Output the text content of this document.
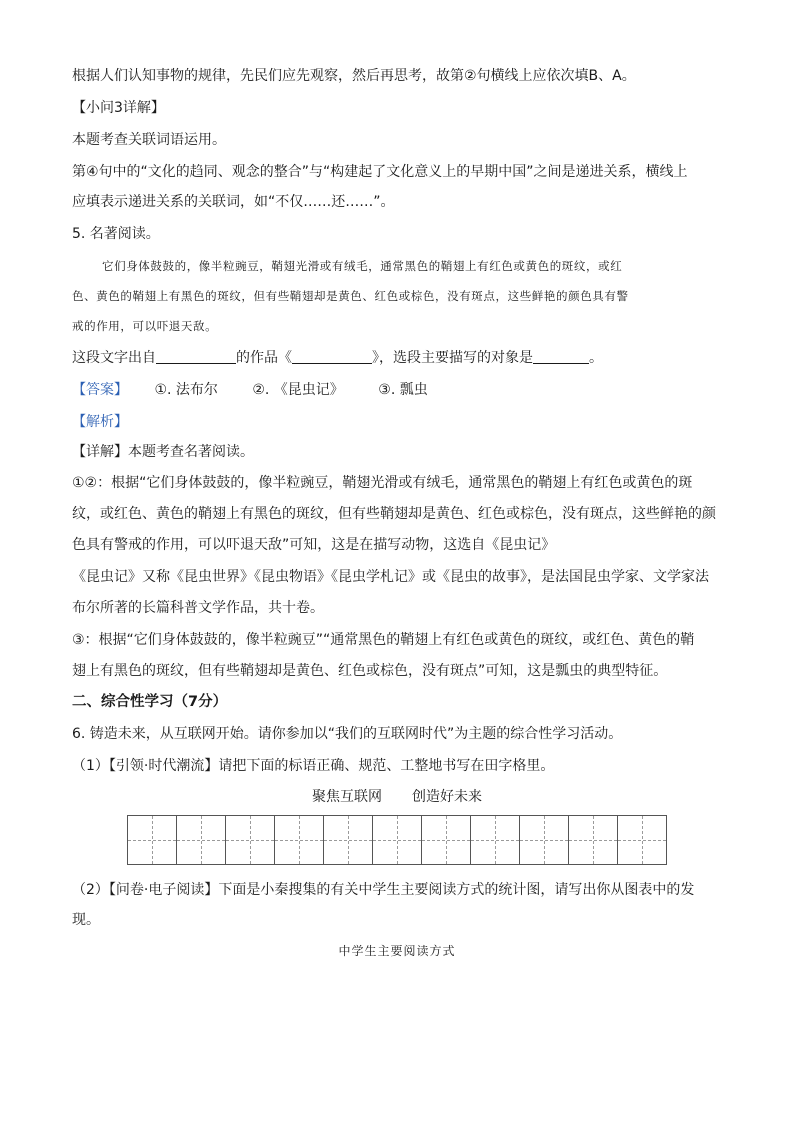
根据人们认知事物的规律，先民们应先观察，然后再思考，故第②句横线上应依次填B、A。
【小问3详解】
本题考查关联词语运用。
第④句中的“文化的趋同、观念的整合”与“构建起了文化意义上的早期中国”之间是递进关系，横线上
应填表示递进关系的关联词，如“不仅……还……”。
5. 名著阅读。
它们身体鼓鼓的，像半粒豌豆，鞘翅光滑或有绒毛，通常黑色的鞘翅上有红色或黄色的斑纹，或红
色、黄色的鞘翅上有黑色的斑纹，但有些鞘翅却是黄色、红色或棕色，没有斑点，这些鲜艳的颜色具有警
戒的作用，可以吓退天敌。
这段文字出自	的作品《	》，选段主要描写的对象是	。
【答案】 ①. 法布尔 ②. 《昆虫记》 ③. 瓢虫
【解析】
【详解】本题考查名著阅读。
①②：根据“它们身体鼓鼓的，像半粒豌豆，鞘翅光滑或有绒毛，通常黑色的鞘翅上有红色或黄色的斑
纹，或红色、黄色的鞘翅上有黑色的斑纹，但有些鞘翅却是黄色、红色或棕色，没有斑点，这些鲜艳的颜
色具有警戒的作用，可以吓退天敌”可知，这是在描写动物，这选自《昆虫记》
《昆虫记》又称《昆虫世界》《昆虫物语》《昆虫学札记》或《昆虫的故事》，是法国昆虫学家、文学家法
布尔所著的长篇科普文学作品，共十卷。
③：根据“它们身体鼓鼓的，像半粒豌豆”“通常黑色的鞘翅上有红色或黄色的斑纹，或红色、黄色的鞘
翅上有黑色的斑纹，但有些鞘翅却是黄色、红色或棕色，没有斑点”可知，这是瓢虫的典型特征。
二、综合性学习（7分）
6. 铸造未来，从互联网开始。请你参加以“我们的互联网时代”为主题的综合性学习活动。
（1）【引领·时代潮流】请把下面的标语正确、规范、工整地书写在田字格里。
聚焦互联网 创造好未来
（2）【问卷·电子阅读】下面是小秦搜集的有关中学生主要阅读方式的统计图，请写出你从图表中的发
现。
中学生主要阅读方式
